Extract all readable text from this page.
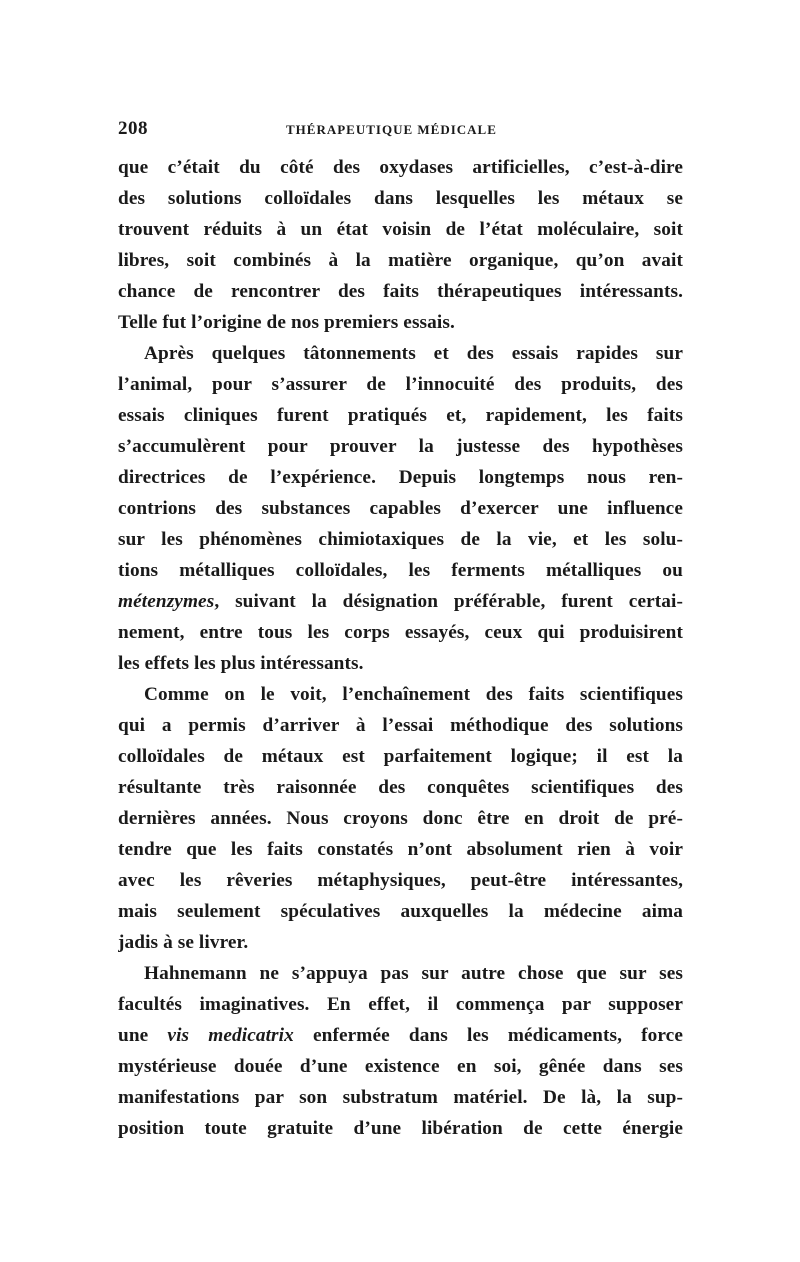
208	THÉRAPEUTIQUE MÉDICALE
que c’était du côté des oxydases artificielles, c’est-à-dire
des solutions colloïdales dans lesquelles les métaux se
trouvent réduits à un état voisin de l’état moléculaire, soit
libres, soit combinés à la matière organique, qu’on avait
chance de rencontrer des faits thérapeutiques intéressants.
Telle fut l’origine de nos premiers essais.
Après quelques tâtonnements et des essais rapides sur
l’animal, pour s’assurer de l’innocuité des produits, des
essais cliniques furent pratiqués et, rapidement, les faits
s’accumulèrent pour prouver la justesse des hypothèses
directrices de l’expérience. Depuis longtemps nous ren-
contrions des substances capables d’exercer une influence
sur les phénomènes chimiotaxiques de la vie, et les solu-
tions métalliques colloïdales, les ferments métalliques ou
métenzymes, suivant la désignation préférable, furent certai-
nement, entre tous les corps essayés, ceux qui produisirent
les effets les plus intéressants.
Comme on le voit, l’enchaînement des faits scientifiques
qui a permis d’arriver à l’essai méthodique des solutions
colloïdales de métaux est parfaitement logique; il est la
résultante très raisonnée des conquêtes scientifiques des
dernières années. Nous croyons donc être en droit de pré-
tendre que les faits constatés n’ont absolument rien à voir
avec les rêveries métaphysiques, peut-être intéressantes,
mais seulement spéculatives auxquelles la médecine aima
jadis à se livrer.
Hahnemann ne s’appuya pas sur autre chose que sur ses
facultés imaginatives. En effet, il commença par supposer
une vis medicatrix enfermée dans les médicaments, force
mystérieuse douée d’une existence en soi, gênée dans ses
manifestations par son substratum matériel. De là, la sup-
position toute gratuite d’une libération de cette énergie
